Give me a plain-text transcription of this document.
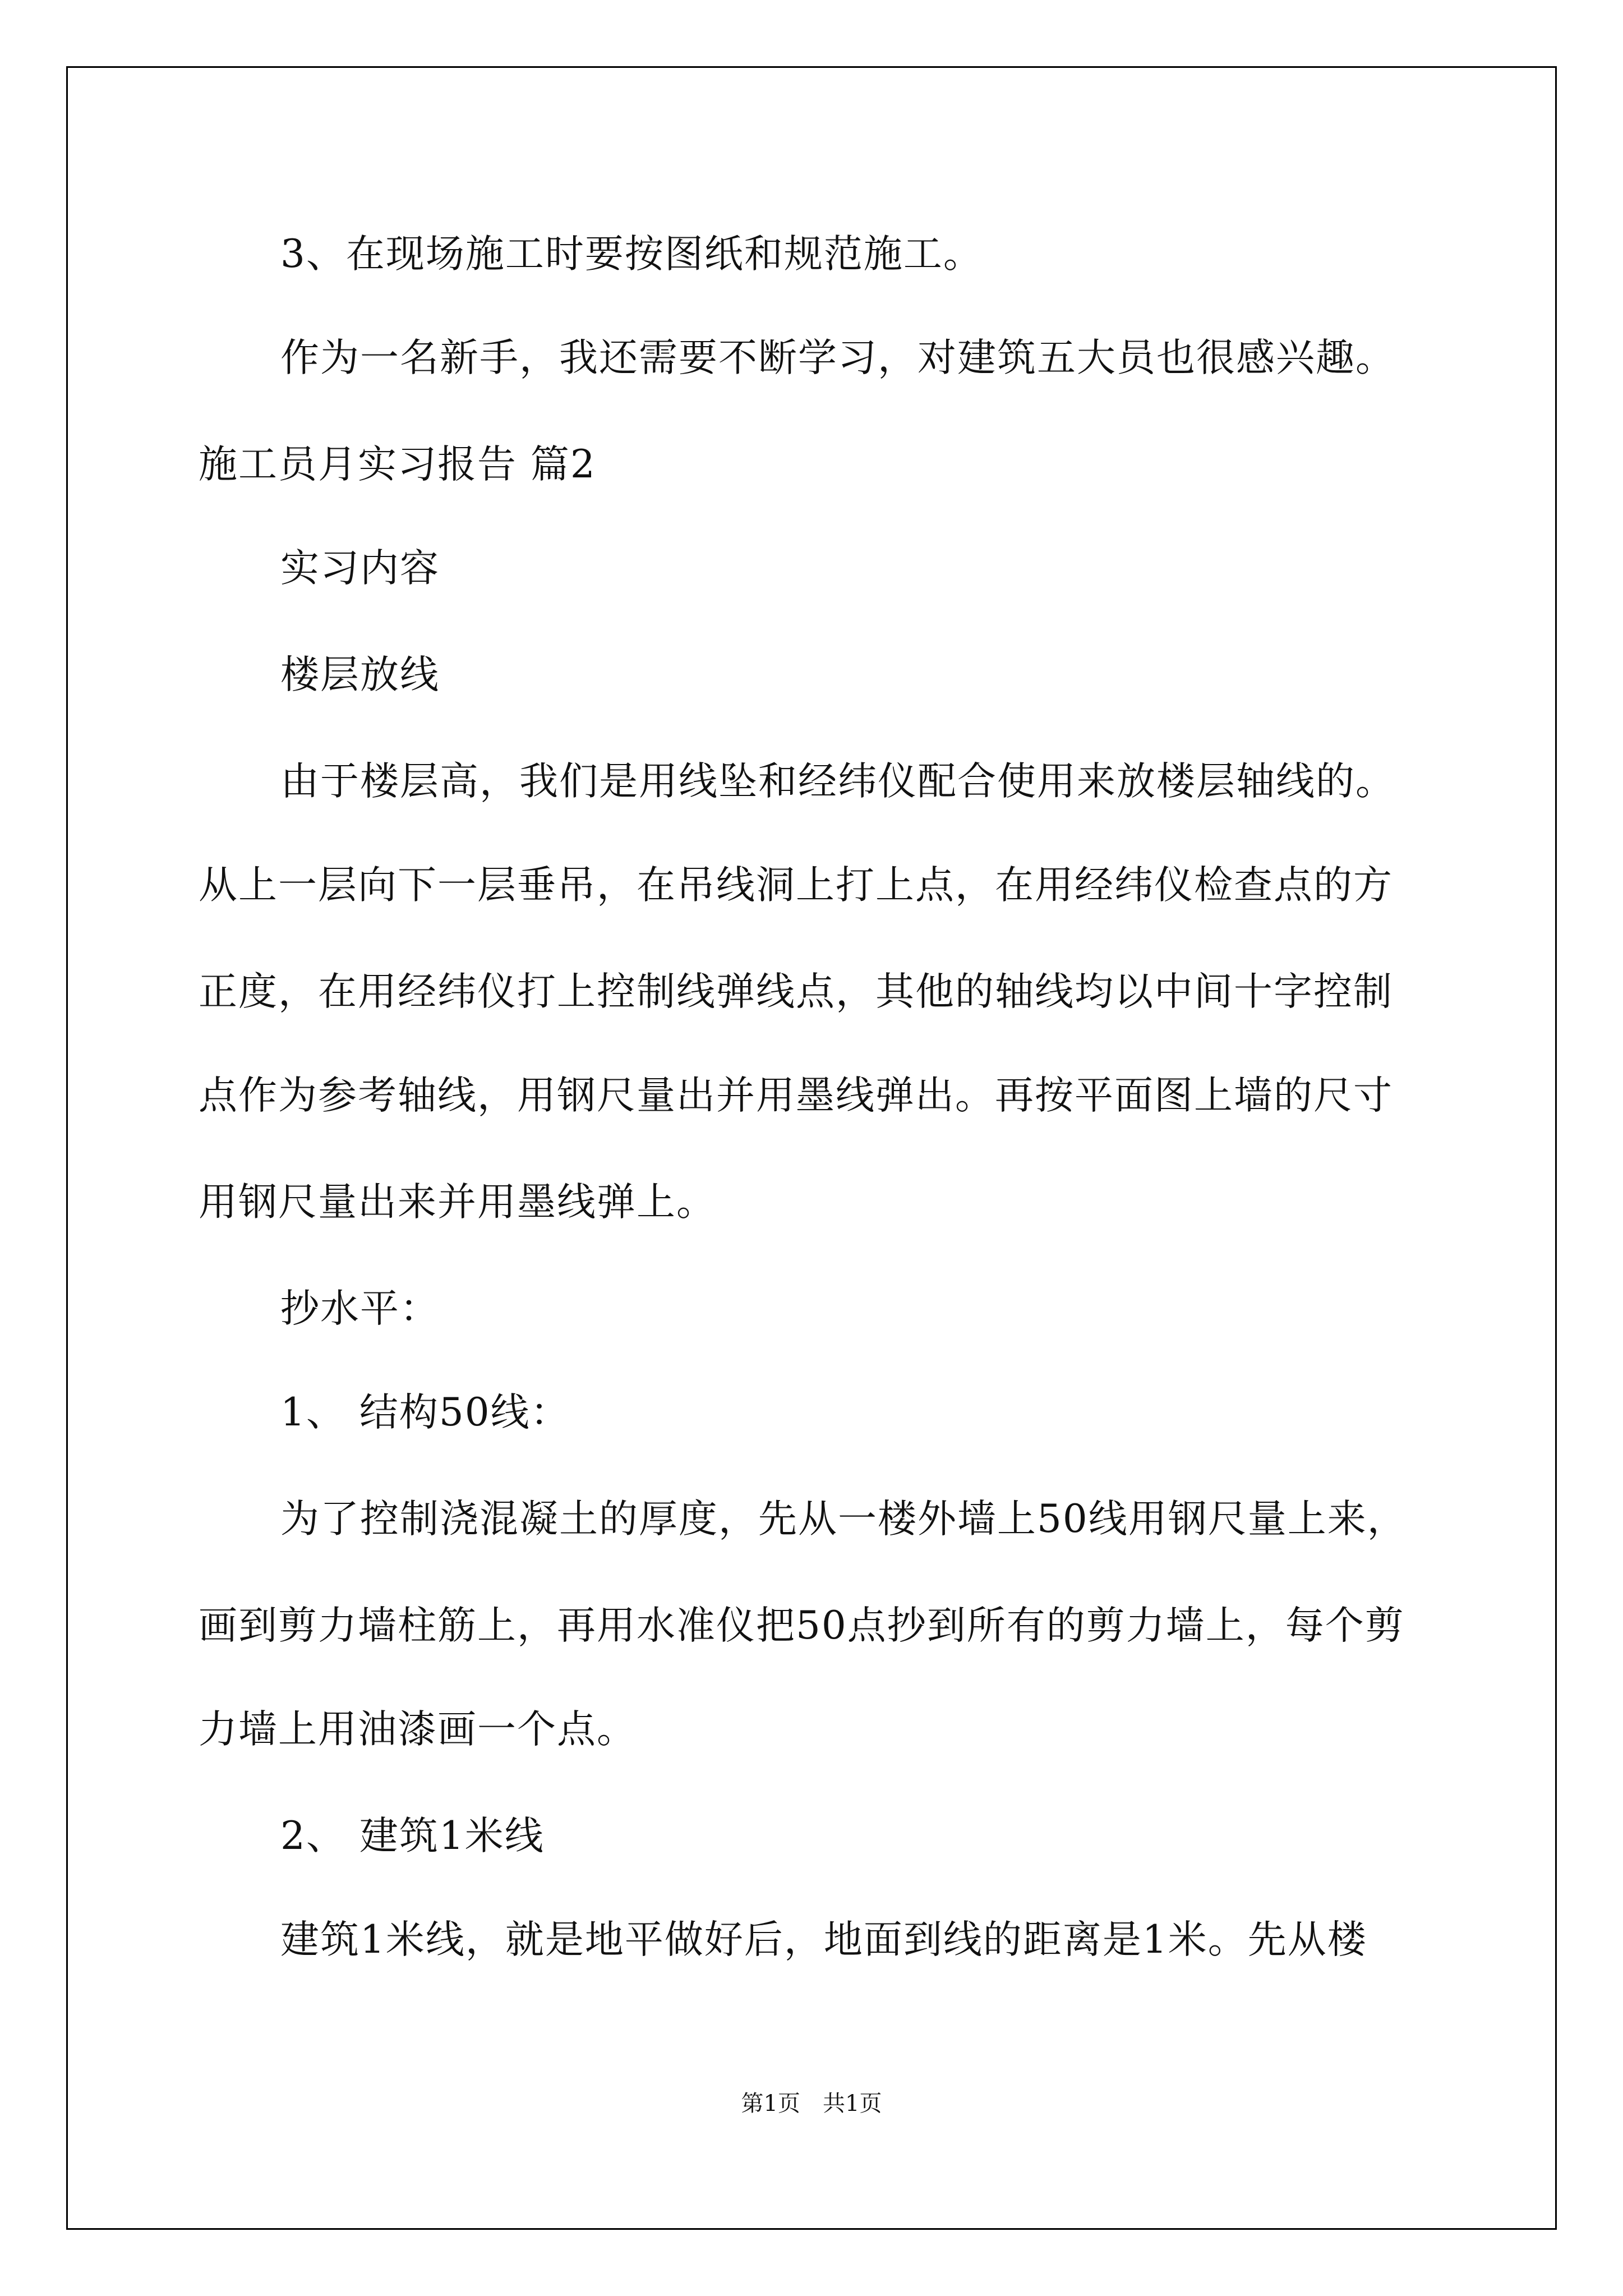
3、在现场施工时要按图纸和规范施工。
作为一名新手，我还需要不断学习，对建筑五大员也很感兴趣。
施工员月实习报告 篇2
实习内容
楼层放线
由于楼层高，我们是用线坠和经纬仪配合使用来放楼层轴线的。
从上一层向下一层垂吊，在吊线洞上打上点，在用经纬仪检查点的方
正度，在用经纬仪打上控制线弹线点，其他的轴线均以中间十字控制
点作为参考轴线，用钢尺量出并用墨线弹出。再按平面图上墙的尺寸
用钢尺量出来并用墨线弹上。
抄水平：
1、 结构50线：
为了控制浇混凝土的厚度，先从一楼外墙上50线用钢尺量上来，
画到剪力墙柱筋上，再用水准仪把50点抄到所有的剪力墙上，每个剪
力墙上用油漆画一个点。
2、 建筑1米线
建筑1米线，就是地平做好后，地面到线的距离是1米。先从楼
第1页　共1页
